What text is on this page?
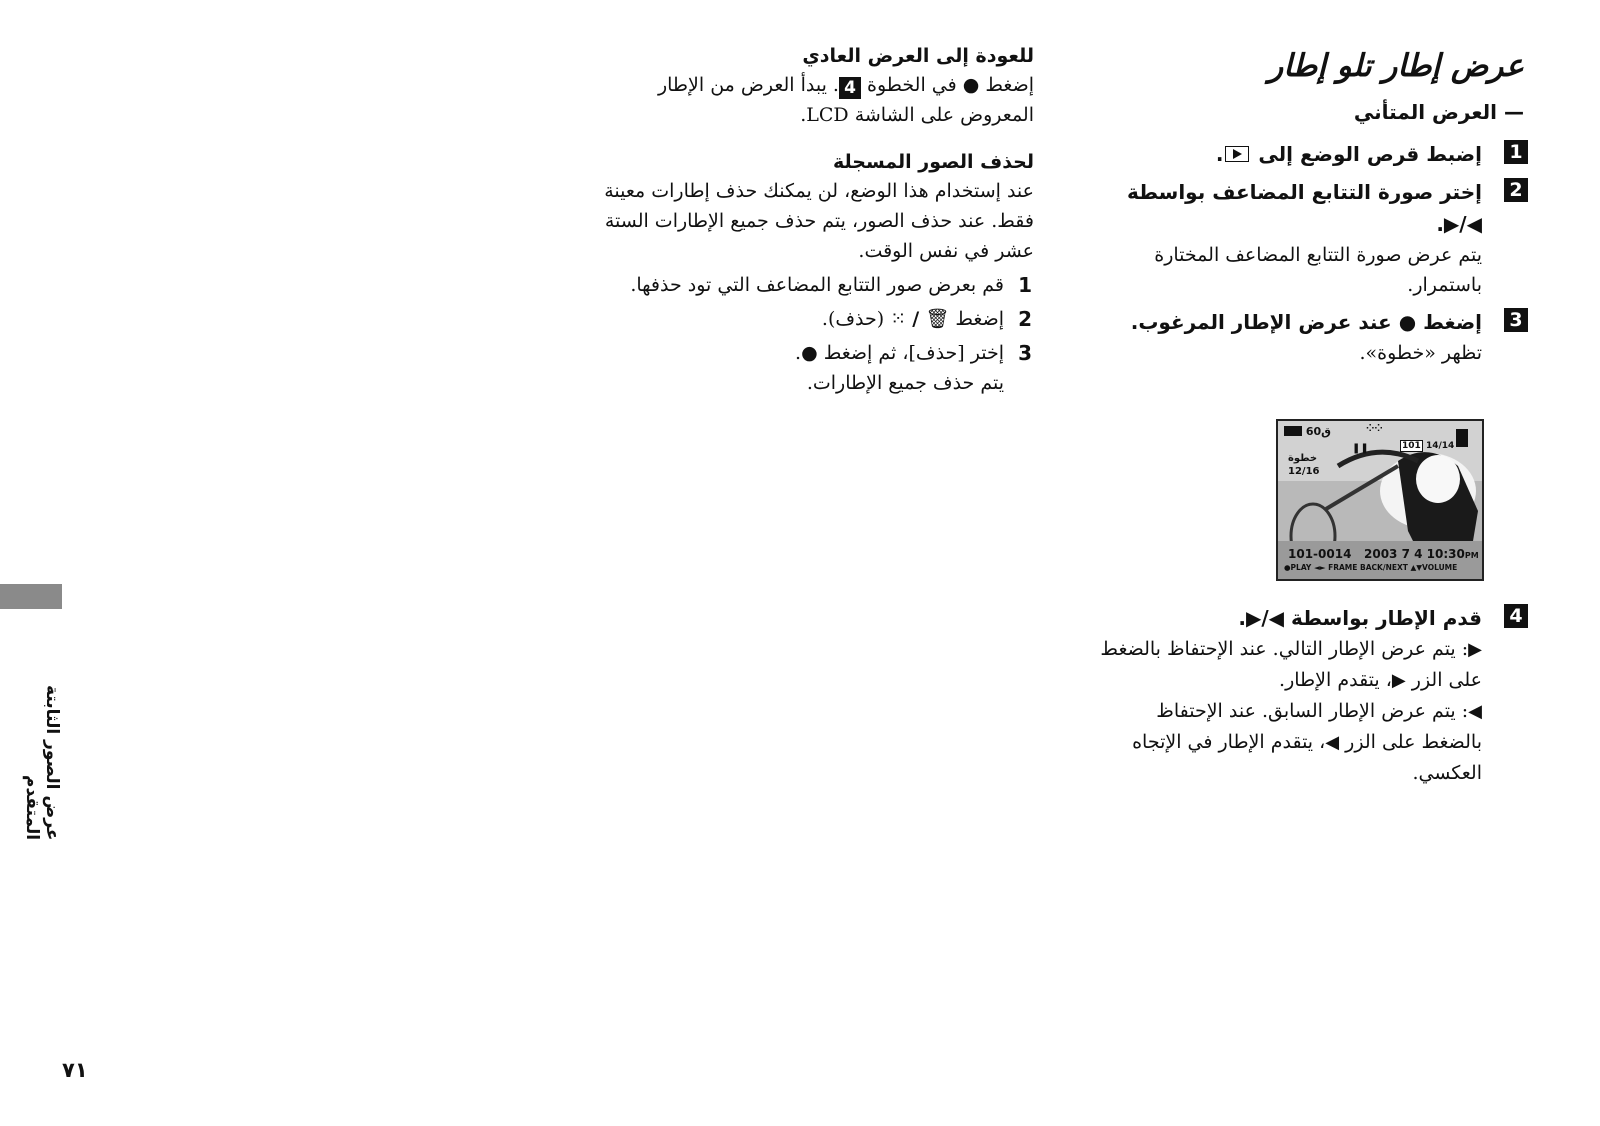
عرض إطار تلو إطار
— العرض المتأني
1
إضبط قرص الوضع إلى .
2
إختر صورة التتابع المضاعف بواسطة
◀/▶.
يتم عرض صورة التتابع المضاعف المختارة باستمرار.
3
إضغط ● عند عرض الإطار المرغوب.
تظهر «خطوة».
4
قدم الإطار بواسطة ◀/▶.
▶: يتم عرض الإطار التالي. عند الإحتفاظ بالضغط على الزر ▶، يتقدم الإطار.
◀: يتم عرض الإطار السابق. عند الإحتفاظ بالضغط على الزر ◀، يتقدم الإطار في الإتجاه العكسي.
60ق	⁘⁘
❚❚	101 14/14
خطوة
12/16
101-0014 2003 7 4 10:30PM
●PLAY ◄► FRAME BACK/NEXT ▲▼VOLUME
للعودة إلى العرض العادي
إضغط ● في الخطوة 4. يبدأ العرض من الإطار المعروض على الشاشة LCD.
لحذف الصور المسجلة
عند إستخدام هذا الوضع، لن يمكنك حذف إطارات معينة فقط. عند حذف الصور، يتم حذف جميع الإطارات الستة عشر في نفس الوقت.
1
قم بعرض صور التتابع المضاعف التي تود حذفها.
2
إضغط 🗑 / ⁙ (حذف).
3
إختر [حذف]، ثم إضغط ●.
يتم حذف جميع الإطارات.
عرض الصور الثابتة المتقدم
٧١
